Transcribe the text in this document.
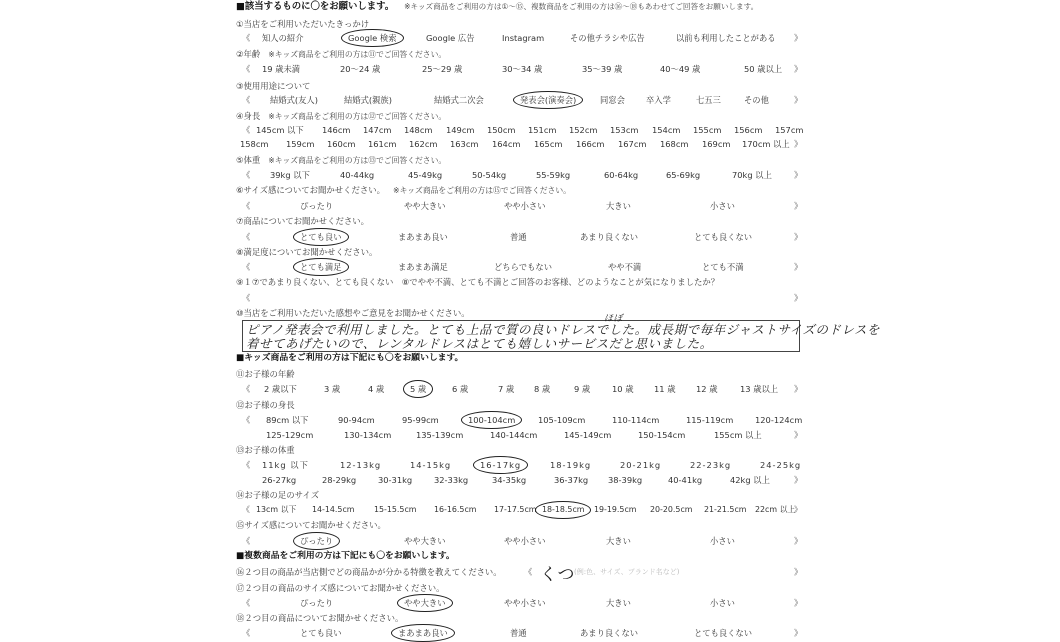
■該当するものに〇をお願いします。 ※キッズ商品をご利用の方は①〜⑮、複数商品をご利用の方は⑯〜⑱もあわせてご回答をお願いします。
①当店をご利用いただいたきっかけ
《 知人の紹介	Google 検索	Google 広告	Instagram	その他チラシや広告	以前も利用したことがある 》
②年齢 ※キッズ商品をご利用の方は⑪でご回答ください。
《 19 歳未満	20〜24 歳	25〜29 歳	30〜34 歳	35〜39 歳	40〜49 歳	50 歳以上 》
③使用用途について
《 結婚式(友人)	結婚式(親族)	結婚式二次会	発表会(演奏会)	同窓会	卒入学	七五三	その他	》
④身長 ※キッズ商品をご利用の方は⑫でご回答ください。
《 145cm 以下 146cm 147cm 148cm 149cm 150cm 151cm 152cm 153cm 154cm 155cm 156cm 157cm
158cm 159cm 160cm 161cm 162cm 163cm 164cm 165cm 166cm 167cm 168cm 169cm 170cm 以上 》
⑤体重 ※キッズ商品をご利用の方は⑬でご回答ください。
《 39kg 以下	40-44kg	45-49kg	50-54kg	55-59kg	60-64kg	65-69kg	70kg 以上	》
⑥サイズ感についてお聞かせください。 ※キッズ商品をご利用の方は⑮でご回答ください。
《	ぴったり	やや大きい	やや小さい	大きい	小さい	》
⑦商品についてお聞かせください。
《	とても良い	まあまあ良い	普通	あまり良くない	とても良くない	》
⑧満足度についてお聞かせください。
《	とても満足	まあまあ満足	どちらでもない	やや不満	とても不満	》
⑨１⑦であまり良くない、とても良くない　⑧でやや不満、とても不満とご回答のお客様、どのようなことが気になりましたか？
《	》
⑩当店をご利用いただいた感想やご意見をお聞かせください。
ほぼ
ピアノ発表会で利用しました。とても上品で質の良いドレスでした。成長期で毎年ジャストサイズのドレスを
着せてあげたいので、レンタルドレスはとても嬉しいサービスだと思いました。
■キッズ商品をご利用の方は下記にも〇をお願いします。
⑪お子様の年齢
《 2 歳以下	3 歳	4 歳	5 歳	6 歳	7 歳 8 歳	9 歳	10 歳 11 歳 12 歳	13 歳以上 》
⑫お子様の身長
《 89cm 以下	90-94cm	95-99cm	100-104cm	105-109cm	110-114cm	115-119cm	120-124cm
125-129cm	130-134cm	135-139cm	140-144cm	145-149cm	150-154cm	155cm 以上	》
⑬お子様の体重
《 11kg 以下	12-13kg	14-15kg	16-17kg	18-19kg	20-21kg	22-23kg	24-25kg
26-27kg	28-29kg	30-31kg	32-33kg	34-35kg	36-37kg 38-39kg	40-41kg	42kg 以上	》
⑭お子様の足のサイズ
《 13cm 以下 14-14.5cm 15-15.5cm 16-16.5cm 17-17.5cm 18-18.5cm 19-19.5cm 20-20.5cm 21-21.5cm 22cm 以上
》
⑮サイズ感についてお聞かせください。
《	ぴったり	やや大きい	やや小さい	大きい	小さい	》
■複数商品をご利用の方は下記にも〇をお願いします。
⑯２つ目の商品が当店側でどの商品かが分かる特徴を教えてください。	《	(例:色、サイズ、ブランド名など)	》
くつ
⑰２つ目の商品のサイズ感についてお聞かせください。
《	ぴったり	やや大きい	やや小さい	大きい	小さい	》
⑱２つ目の商品についてお聞かせください。
《	とても良い	まあまあ良い	普通	あまり良くない	とても良くない	》
